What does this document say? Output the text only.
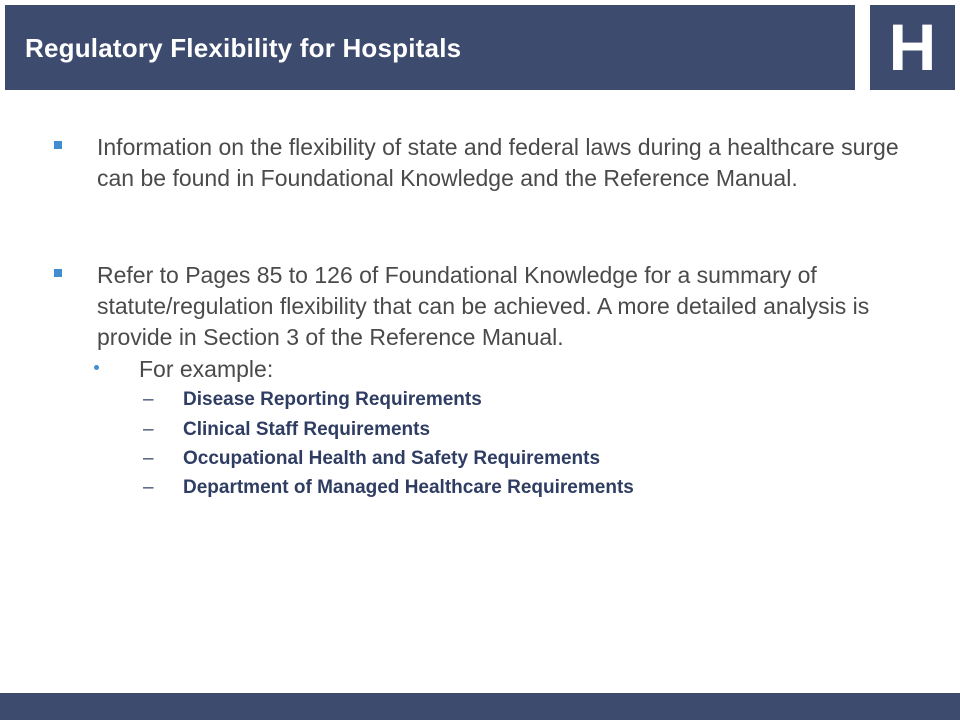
Regulatory Flexibility for Hospitals	H
Information on the flexibility of state and federal laws during a healthcare surge can be found in Foundational Knowledge and the Reference Manual.
Refer to Pages 85 to 126 of Foundational Knowledge for a summary of statute/regulation flexibility that can be achieved. A more detailed analysis is provide in Section 3 of the Reference Manual.
For example:
– Disease Reporting Requirements
– Clinical Staff Requirements
– Occupational Health and Safety Requirements
– Department of Managed Healthcare Requirements
